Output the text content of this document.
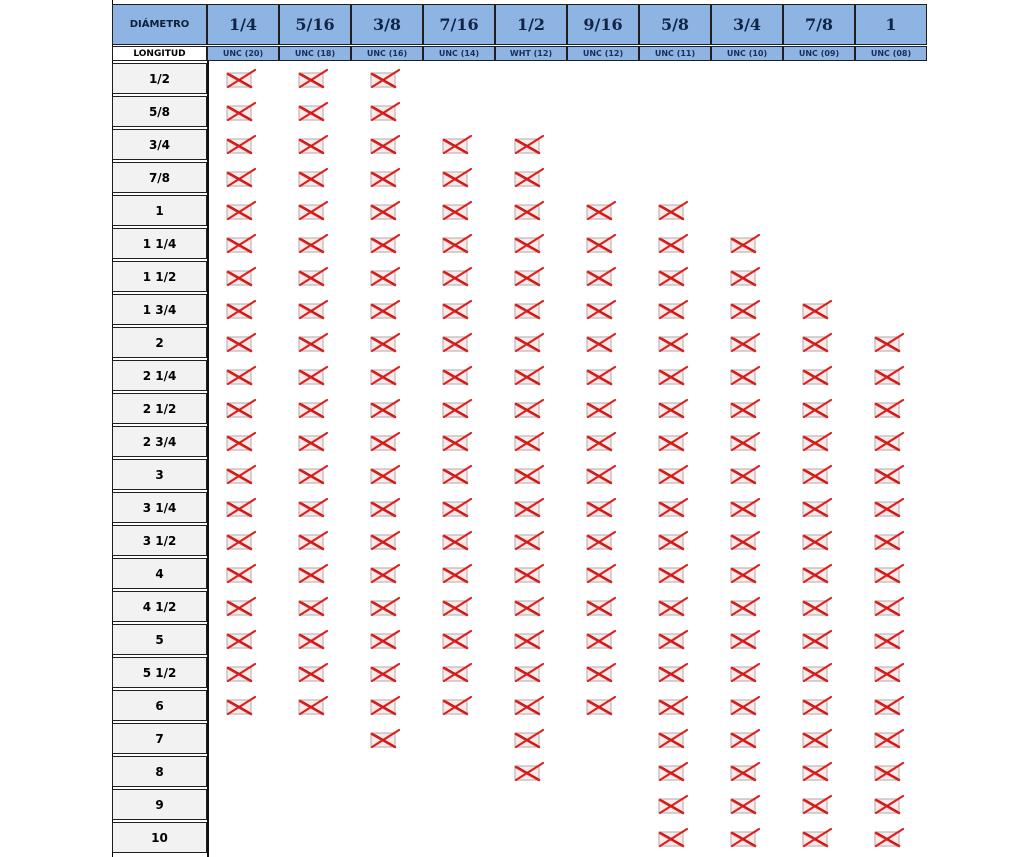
DIÁMETRO
LONGITUD
1/4
UNC (20)
5/16
UNC (18)
3/8
UNC (16)
7/16
UNC (14)
1/2
WHT (12)
9/16
UNC (12)
5/8
UNC (11)
3/4
UNC (10)
7/8
UNC (09)
1
UNC (08)
1/2
5/8
3/4
7/8
1
1 1/4
1 1/2
1 3/4
2
2 1/4
2 1/2
2 3/4
3
3 1/4
3 1/2
4
4 1/2
5
5 1/2
6
7
8
9
10
